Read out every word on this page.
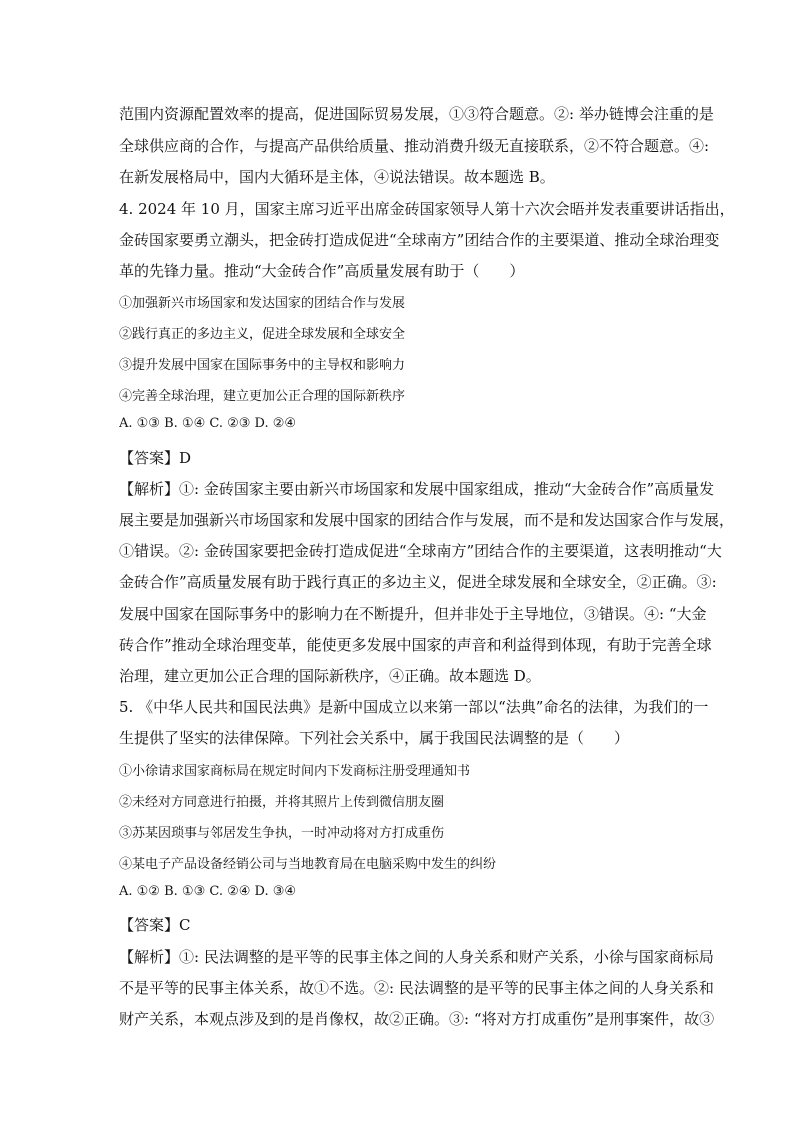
范围内资源配置效率的提高，促进国际贸易发展，①③符合题意。②: 举办链博会注重的是
全球供应商的合作，与提高产品供给质量、推动消费升级无直接联系，②不符合题意。④:
在新发展格局中，国内大循环是主体，④说法错误。故本题选 B。
4. 2024 年 10 月，国家主席习近平出席金砖国家领导人第十六次会晤并发表重要讲话指出，
金砖国家要勇立潮头，把金砖打造成促进“全球南方”团结合作的主要渠道、推动全球治理变
革的先锋力量。推动“大金砖合作”高质量发展有助于（　　）
①加强新兴市场国家和发达国家的团结合作与发展
②践行真正的多边主义，促进全球发展和全球安全
③提升发展中国家在国际事务中的主导权和影响力
④完善全球治理，建立更加公正合理的国际新秩序
A. ①③ B. ①④ C. ②③ D. ②④
【答案】D
【解析】①: 金砖国家主要由新兴市场国家和发展中国家组成，推动“大金砖合作”高质量发
展主要是加强新兴市场国家和发展中国家的团结合作与发展，而不是和发达国家合作与发展，
①错误。②: 金砖国家要把金砖打造成促进“全球南方”团结合作的主要渠道，这表明推动“大
金砖合作”高质量发展有助于践行真正的多边主义，促进全球发展和全球安全，②正确。③:
发展中国家在国际事务中的影响力在不断提升，但并非处于主导地位，③错误。④: “大金
砖合作”推动全球治理变革，能使更多发展中国家的声音和利益得到体现，有助于完善全球
治理，建立更加公正合理的国际新秩序，④正确。故本题选 D。
5. 《中华人民共和国民法典》是新中国成立以来第一部以“法典”命名的法律，为我们的一
生提供了坚实的法律保障。下列社会关系中，属于我国民法调整的是（　　）
①小徐请求国家商标局在规定时间内下发商标注册受理通知书
②未经对方同意进行拍摄，并将其照片上传到微信朋友圈
③苏某因琐事与邻居发生争执，一时冲动将对方打成重伤
④某电子产品设备经销公司与当地教育局在电脑采购中发生的纠纷
A. ①② B. ①③ C. ②④ D. ③④
【答案】C
【解析】①: 民法调整的是平等的民事主体之间的人身关系和财产关系，小徐与国家商标局
不是平等的民事主体关系，故①不选。②: 民法调整的是平等的民事主体之间的人身关系和
财产关系，本观点涉及到的是肖像权，故②正确。③: “将对方打成重伤”是刑事案件，故③
